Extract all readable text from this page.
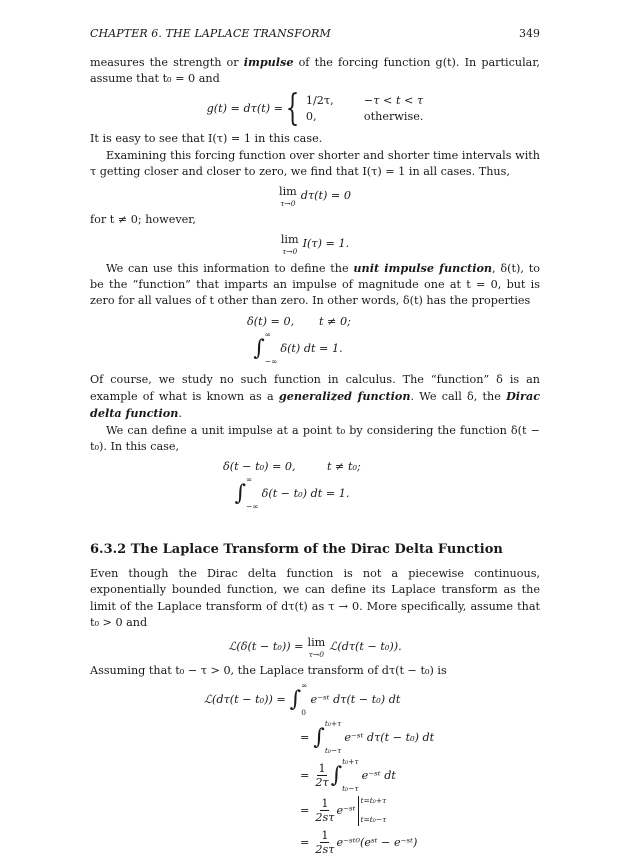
CHAPTER 6. THE LAPLACE TRANSFORM	349

measures the strength or impulse of the forcing function g(t). In particular, assume that t₀ = 0 and

g(t) = dτ(t) = { 1/2τ,	−τ < t < τ
0,	otherwise.

It is easy to see that I(τ) = 1 in this case.

Examining this forcing function over shorter and shorter time intervals with τ getting closer and closer to zero, we find that I(τ) = 1 in all cases. Thus,

lim
τ→0
dτ(t) = 0

for t ≠ 0; however,

lim
τ→0
I(τ) = 1.

We can use this information to define the unit impulse function, δ(t), to be the “function” that imparts an impulse of magnitude one at t = 0, but is zero for all values of t other than zero. In other words, δ(t) has the properties

δ(t) = 0,	t ≠ 0;
∫
∞
−∞
δ(t) dt = 1.

Of course, we study no such function in calculus. The “function” δ is an example of what is known as a generalized function. We call δ, the Dirac delta function.

We can define a unit impulse at a point t₀ by considering the function δ(t − t₀). In this case,

δ(t − t₀) = 0,	t ≠ t₀;
∫
∞
−∞
δ(t − t₀) dt = 1.
6.3.2 The Laplace Transform of the Dirac Delta Function

Even though the Dirac delta function is not a piecewise continuous, exponentially bounded function, we can define its Laplace transform as the limit of the Laplace transform of dτ(t) as τ → 0. More specifically, assume that t₀ > 0 and

ℒ(δ(t − t₀)) = lim
τ→0
ℒ(dτ(t − t₀)).

Assuming that t₀ − τ > 0, the Laplace transform of dτ(t − t₀) is

ℒ(dτ(t − t₀)) = ∫
∞
0
e⁻ˢᵗ dτ(t − t₀) dt
= ∫
t₀+τ
t₀−τ
e⁻ˢᵗ dτ(t − t₀) dt
= $\frac{1}{2\tau}$ ∫
t₀+τ
t₀−τ
e⁻ˢᵗ dt
= $\frac{1}{2s\tau}$ e⁻ˢᵗ
t=t₀+τ
t=t₀−τ
= $\frac{1}{2s\tau}$ e⁻ˢᵗ⁰(eˢᵗ − e⁻ˢᵗ)
